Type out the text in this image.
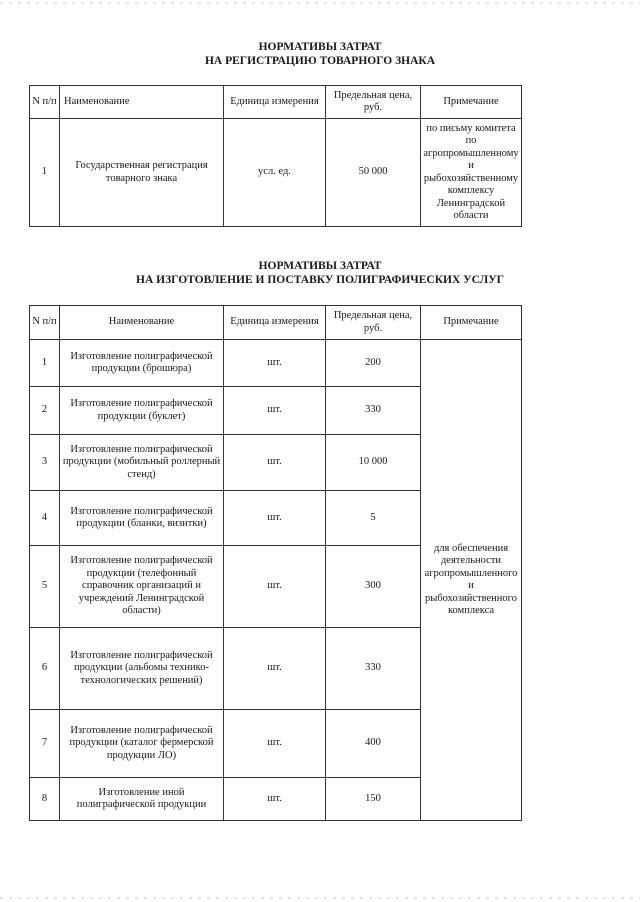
НОРМАТИВЫ ЗАТРАТ
НА РЕГИСТРАЦИЮ ТОВАРНОГО ЗНАКА
N п/п	Наименование	Единица измерения	Предельная цена, руб.	Примечание
1	Государственная регистрация товарного знака	усл. ед.	50 000	по письму комитета по агропромышленному и рыбохозяйственному комплексу Ленинградской области
НОРМАТИВЫ ЗАТРАТ
НА ИЗГОТОВЛЕНИЕ И ПОСТАВКУ ПОЛИГРАФИЧЕСКИХ УСЛУГ
N п/п	Наименование	Единица измерения	Предельная цена, руб.	Примечание
1	Изготовление полиграфической продукции (брошюра)	шт.	200	для обеспечения деятельности агропромышленного и рыбохозяйственного комплекса
2	Изготовление полиграфической продукции (буклет)	шт.	330	
3	Изготовление полиграфической продукции (мобильный роллерный стенд)	шт.	10 000	
4	Изготовление полиграфической продукции (бланки, визитки)	шт.	5	
5	Изготовление полиграфической продукции (телефонный справочник организаций и учреждений Ленинградской области)	шт.	300	
6	Изготовление полиграфической продукции (альбомы технико-технологических решений)	шт.	330	
7	Изготовление полиграфической продукции (каталог фермерской продукции ЛО)	шт.	400	
8	Изготовление иной полиграфической продукции	шт.	150	
